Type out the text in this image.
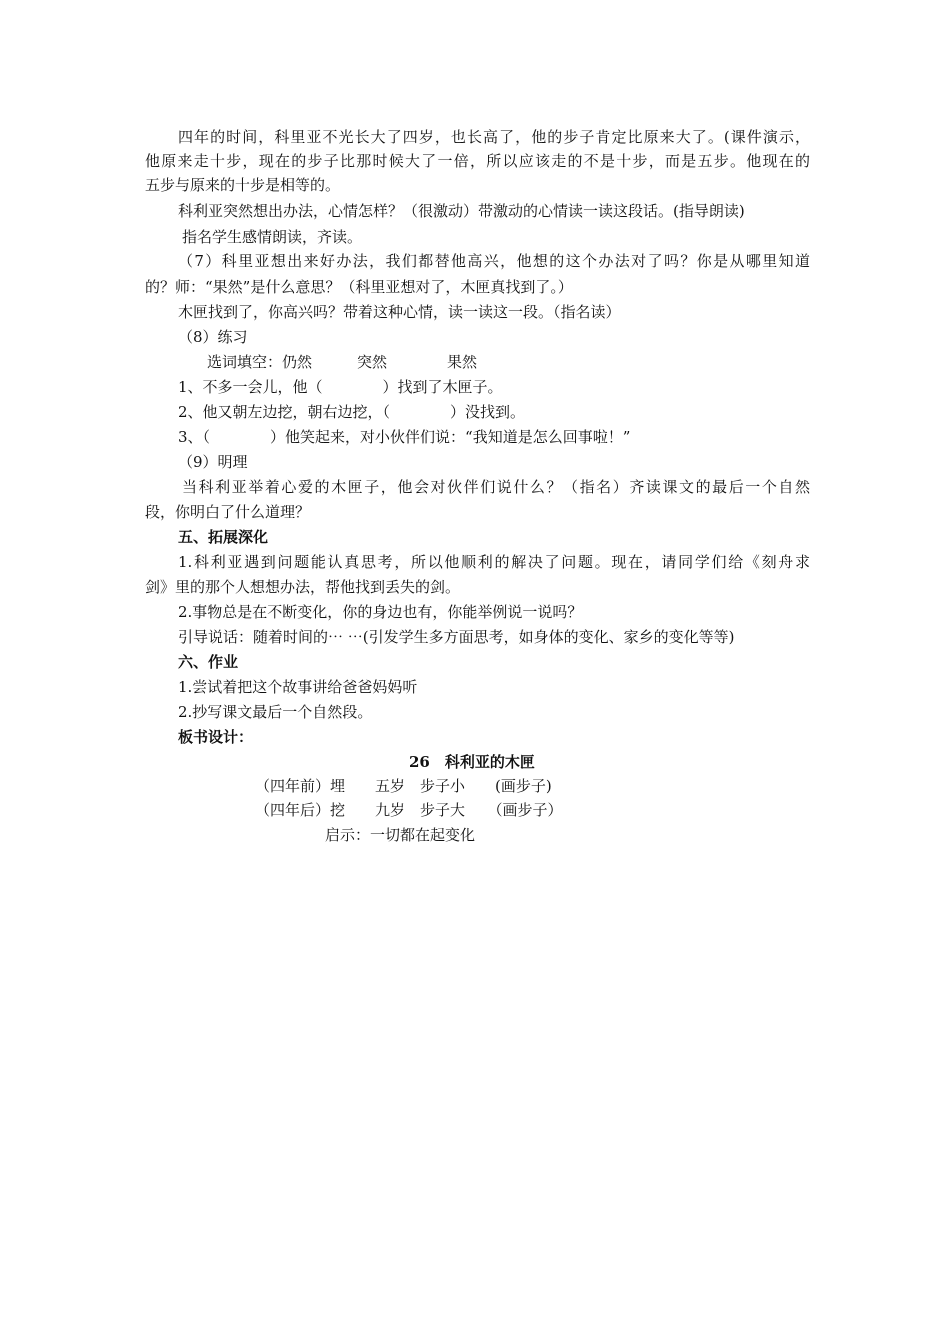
四年的时间，科里亚不光长大了四岁，也长高了，他的步子肯定比原来大了。(课件演示，
他原来走十步，现在的步子比那时候大了一倍，所以应该走的不是十步，而是五步。他现在的
五步与原来的十步是相等的。
科利亚突然想出办法，心情怎样？（很激动）带激动的心情读一读这段话。(指导朗读)
指名学生感情朗读，齐读。
（7）科里亚想出来好办法，我们都替他高兴，他想的这个办法对了吗？你是从哪里知道
的？师：“果然”是什么意思？（科里亚想对了，木匣真找到了。）
木匣找到了，你高兴吗？带着这种心情，读一读这一段。（指名读）
（8）练习
选词填空：仍然　　　突然　　　　果然
1、不多一会儿，他（　　　　）找到了木匣子。
2、他又朝左边挖，朝右边挖，（　　　　）没找到。
3、（　　　　）他笑起来，对小伙伴们说：“我知道是怎么回事啦！”
（9）明理
当科利亚举着心爱的木匣子，他会对伙伴们说什么？（指名）齐读课文的最后一个自然
段，你明白了什么道理？
五、拓展深化
1.科利亚遇到问题能认真思考，所以他顺利的解决了问题。现在，请同学们给《刻舟求
剑》里的那个人想想办法，帮他找到丢失的剑。
2.事物总是在不断变化，你的身边也有，你能举例说一说吗？
引导说话：随着时间的⋯ ⋯(引发学生多方面思考，如身体的变化、家乡的变化等等)
六、作业
1.尝试着把这个故事讲给爸爸妈妈听
2.抄写课文最后一个自然段。
板书设计：
26　科利亚的木匣
（四年前）埋　　五岁　步子小　　(画步子)
（四年后）挖　　九岁　步子大　　（画步子）
启示：一切都在起变化
